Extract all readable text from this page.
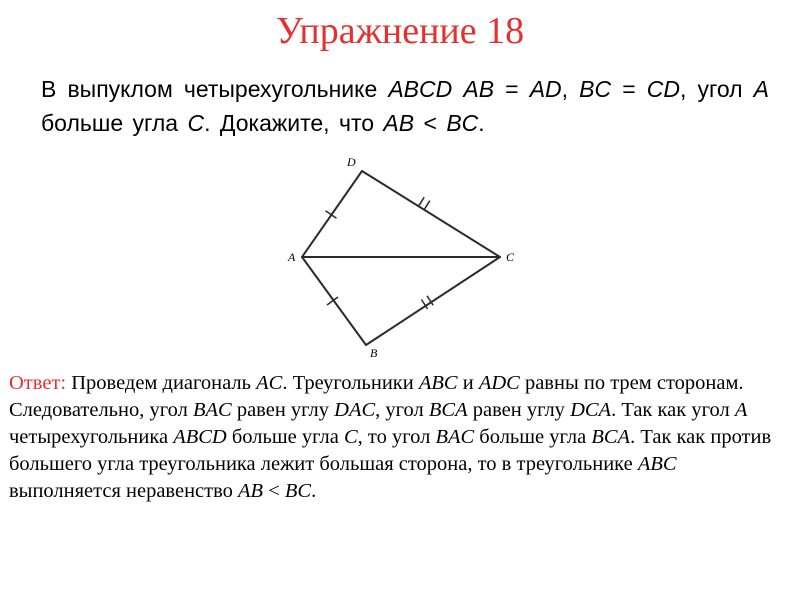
Упражнение 18
В выпуклом четырехугольнике ABCD AB = AD, BC = CD, угол A больше угла C. Докажите, что AB < BC.
D
A	C
B
Ответ: Проведем диагональ AC. Треугольники ABC и ADC равны по трем сторонам. Следовательно, угол BAC равен углу DAC, угол BCA равен углу DCA. Так как угол A четырехугольника ABCD больше угла C, то угол BAC больше угла BCA. Так как против большего угла треугольника лежит большая сторона, то в треугольнике ABC выполняется неравенство AB < BC.
